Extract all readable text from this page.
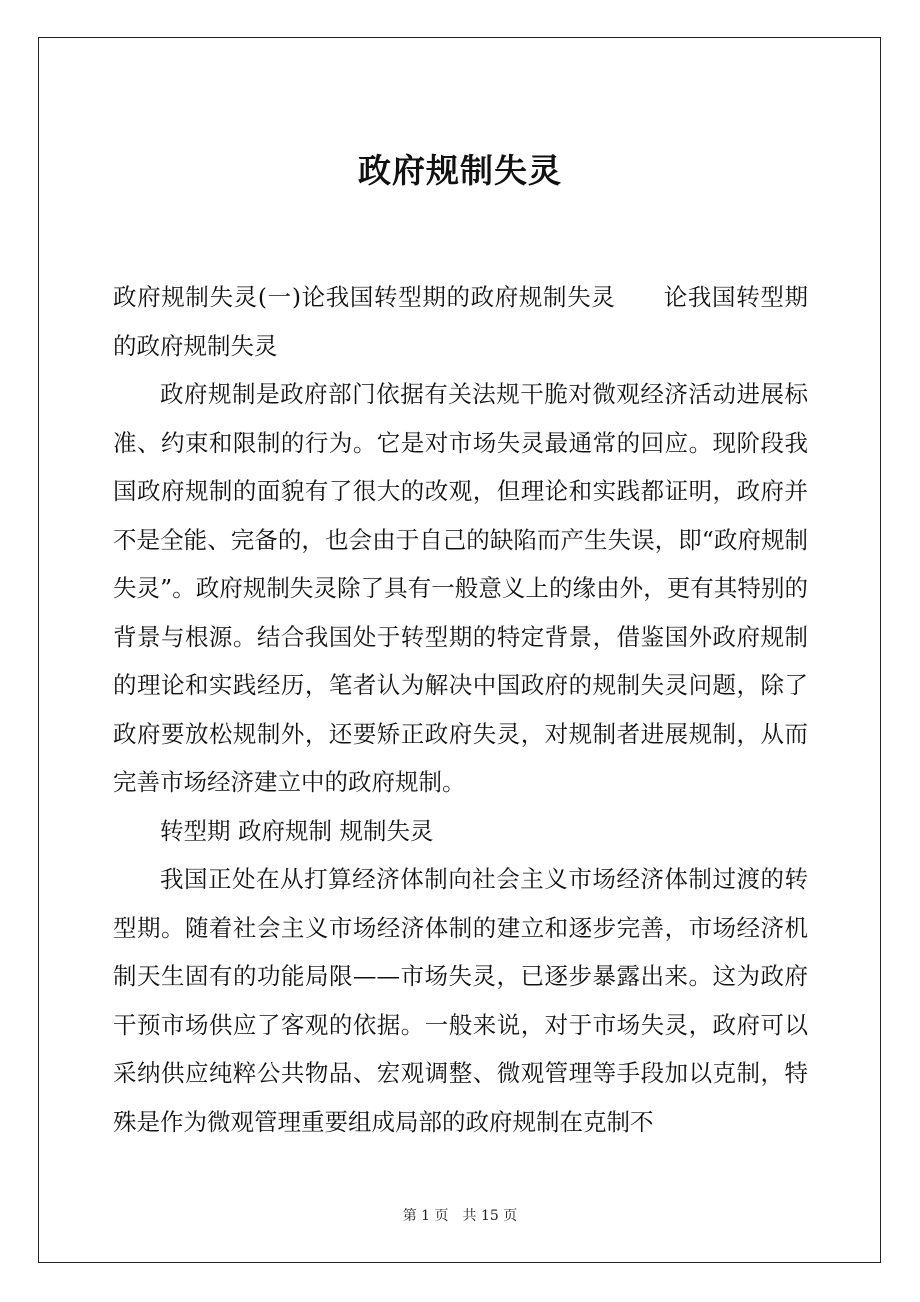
政府规制失灵

政府规制失灵(一)论我国转型期的政府规制失灵　　论我国转型期的政府规制失灵

政府规制是政府部门依据有关法规干脆对微观经济活动进展标准、约束和限制的行为。它是对市场失灵最通常的回应。现阶段我国政府规制的面貌有了很大的改观，但理论和实践都证明，政府并不是全能、完备的，也会由于自己的缺陷而产生失误，即“政府规制失灵”。政府规制失灵除了具有一般意义上的缘由外，更有其特别的背景与根源。结合我国处于转型期的特定背景，借鉴国外政府规制的理论和实践经历，笔者认为解决中国政府的规制失灵问题，除了政府要放松规制外，还要矫正政府失灵，对规制者进展规制，从而完善市场经济建立中的政府规制。

转型期 政府规制 规制失灵

我国正处在从打算经济体制向社会主义市场经济体制过渡的转型期。随着社会主义市场经济体制的建立和逐步完善，市场经济机制天生固有的功能局限——市场失灵，已逐步暴露出来。这为政府干预市场供应了客观的依据。一般来说，对于市场失灵，政府可以采纳供应纯粹公共物品、宏观调整、微观管理等手段加以克制，特殊是作为微观管理重要组成局部的政府规制在克制不

第 1 页　共 15 页
